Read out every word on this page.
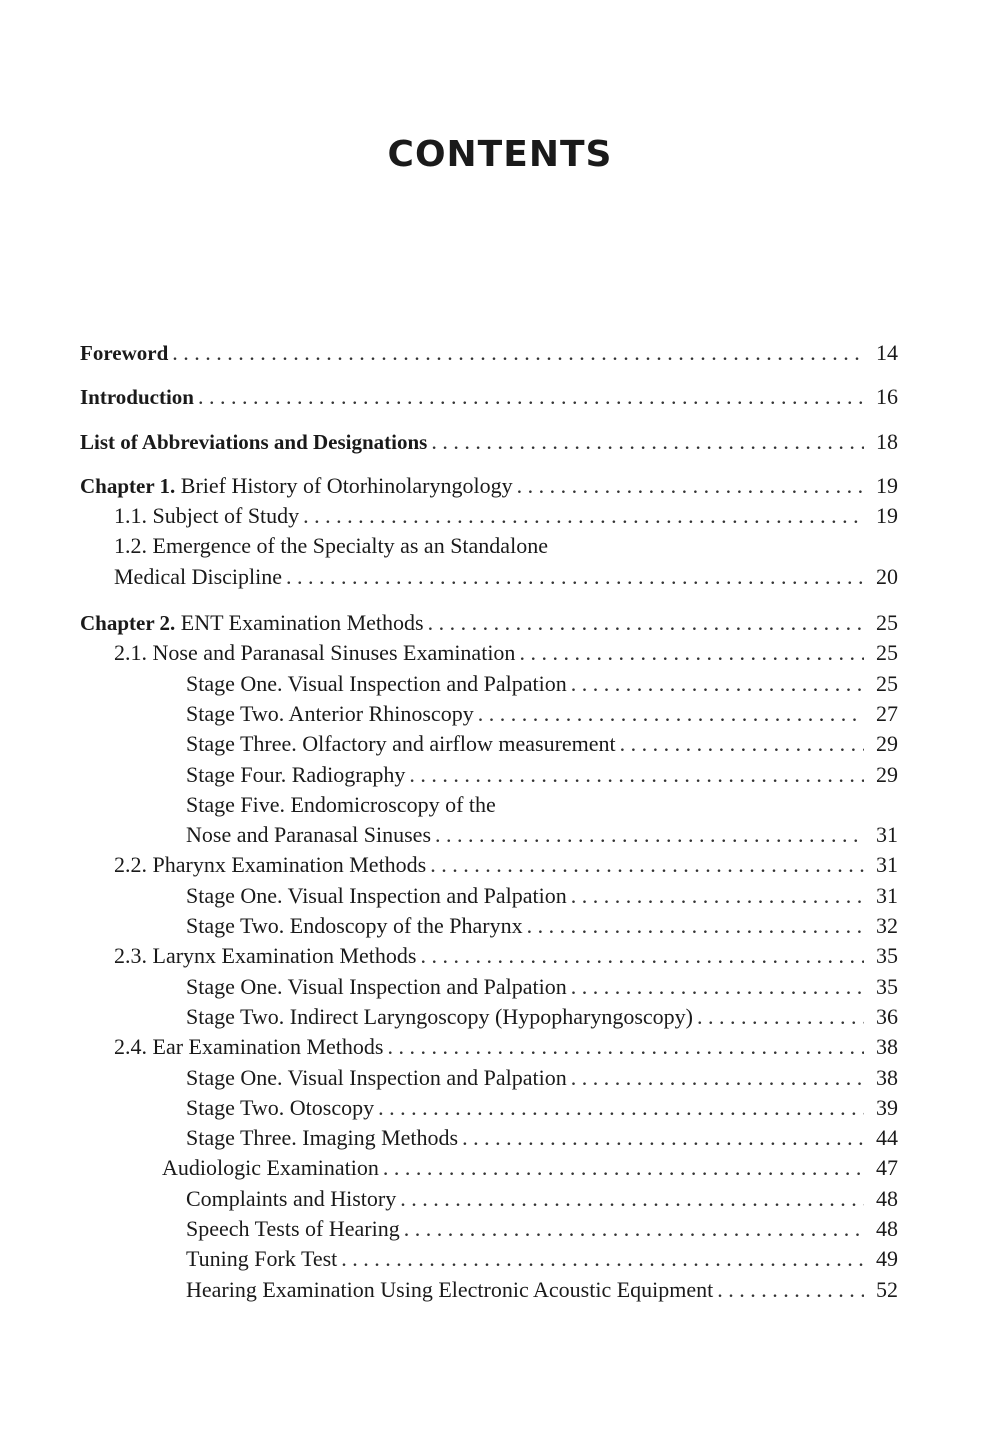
CONTENTS
Foreword . . .	14
Introduction . . .	16
List of Abbreviations and Designations . . .	18
Chapter 1. Brief History of Otorhinolaryngology . . .	19
1.1. Subject of Study . . .	19
1.2. Emergence of the Specialty as an Standalone
Medical Discipline . . .	20
Chapter 2. ENT Examination Methods . . .	25
2.1. Nose and Paranasal Sinuses Examination . . .	25
Stage One. Visual Inspection and Palpation . . .	25
Stage Two. Anterior Rhinoscopy . . .	27
Stage Three. Olfactory and airflow measurement . . .	29
Stage Four. Radiography . . .	29
Stage Five. Endomicroscopy of the
Nose and Paranasal Sinuses . . .	31
2.2. Pharynx Examination Methods . . .	31
Stage One. Visual Inspection and Palpation . . .	31
Stage Two. Endoscopy of the Pharynx . . .	32
2.3. Larynx Examination Methods . . .	35
Stage One. Visual Inspection and Palpation . . .	35
Stage Two. Indirect Laryngoscopy (Hypopharyngoscopy) . . .	36
2.4. Ear Examination Methods . . .	38
Stage One. Visual Inspection and Palpation . . .	38
Stage Two. Otoscopy . . .	39
Stage Three. Imaging Methods . . .	44
Audiologic Examination . . .	47
Complaints and History . . .	48
Speech Tests of Hearing . . .	48
Tuning Fork Test . . .	49
Hearing Examination Using Electronic Acoustic Equipment . . .	52
